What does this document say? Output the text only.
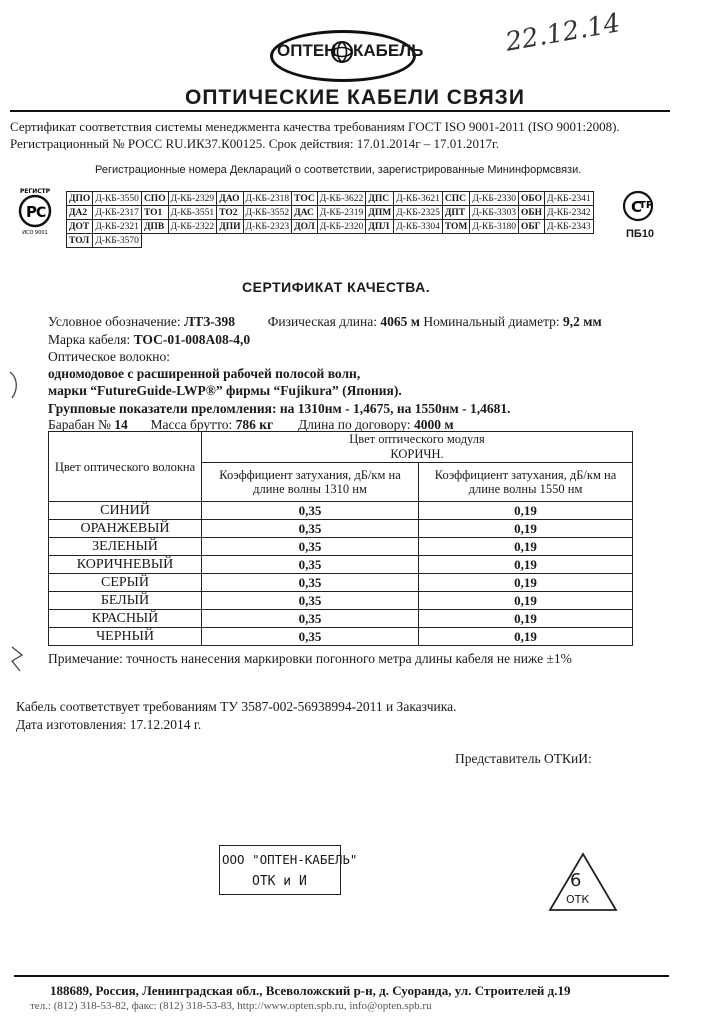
ОПТЕН КАБЕЛЬ	22.12.14
ОПТИЧЕСКИЕ КАБЕЛИ СВЯЗИ
Сертификат соответствия системы менеджмента качества требованиям ГОСТ ISO 9001-2011 (ISO 9001:2008).
Регистрационный № РОСС RU.ИК37.К00125. Срок действия: 17.01.2014г – 17.01.2017г.
Регистрационные номера Деклараций о соответствии, зарегистрированные Мининформсвязи.
РЕГИСТР
Р С
ИСО 9001
ДПО	Д-КБ-3550	СПО	Д-КБ-2329	ДАО	Д-КБ-2318	ТОС	Д-КБ-3622	ДПС	Д-КБ-3621	СПС	Д-КБ-2330	ОБО	Д-КБ-2341
ДА2	Д-КБ-2317	ТО1	Д-КБ-3551	ТО2	Д-КБ-3552	ДАС	Д-КБ-2319	ДПМ	Д-КБ-2325	ДПТ	Д-КБ-3303	ОБН	Д-КБ-2342
ДОТ	Д-КБ-2321	ДПВ	Д-КБ-2322	ДПИ	Д-КБ-2323	ДОЛ	Д-КБ-2320	ДПЛ	Д-КБ-3304	ТОМ	Д-КБ-3180	ОБГ	Д-КБ-2343
ТОЛ	Д-КБ-3570												
С
ТР
ПБ10
СЕРТИФИКАТ КАЧЕСТВА.
Условное обозначение: ЛТЗ-398 Физическая длина: 4065 м Номинальный диаметр: 9,2 мм
Марка кабеля: ТОС-01-008А08-4,0
Оптическое волокно:
одномодовое с расширенной рабочей полосой волн,
марки “FutureGuide-LWP®” фирмы “Fujikura” (Япония).
Групповые показатели преломления: на 1310нм - 1,4675, на 1550нм - 1,4681.
Барабан № 14 Масса брутто: 786 кг Длина по договору: 4000 м
Цвет оптического волокна	Цвет оптического модуля
КОРИЧН.	

	Коэффициент затухания, дБ/км на длине волны 1310 нм	Коэффициент затухания, дБ/км на длине волны 1550 нм
СИНИЙ	0,35	0,19
ОРАНЖЕВЫЙ	0,35	0,19
ЗЕЛЕНЫЙ	0,35	0,19
КОРИЧНЕВЫЙ	0,35	0,19
СЕРЫЙ	0,35	0,19
БЕЛЫЙ	0,35	0,19
КРАСНЫЙ	0,35	0,19
ЧЕРНЫЙ	0,35	0,19
Примечание: точность нанесения маркировки погонного метра длины кабеля не ниже ±1%
Кабель соответствует требованиям ТУ 3587-002-56938994-2011 и Заказчика.
Дата изготовления: 17.12.2014 г.
Представитель ОТКиИ:
ООО "ОПТЕН-КАБЕЛЬ"
ОТК и И	6
ОТК
188689, Россия, Ленинградская обл., Всеволожский р-н, д. Суоранда, ул. Строителей д.19
тел.: (812) 318-53-82, факс: (812) 318-53-83, http://www.opten.spb.ru, info@opten.spb.ru
